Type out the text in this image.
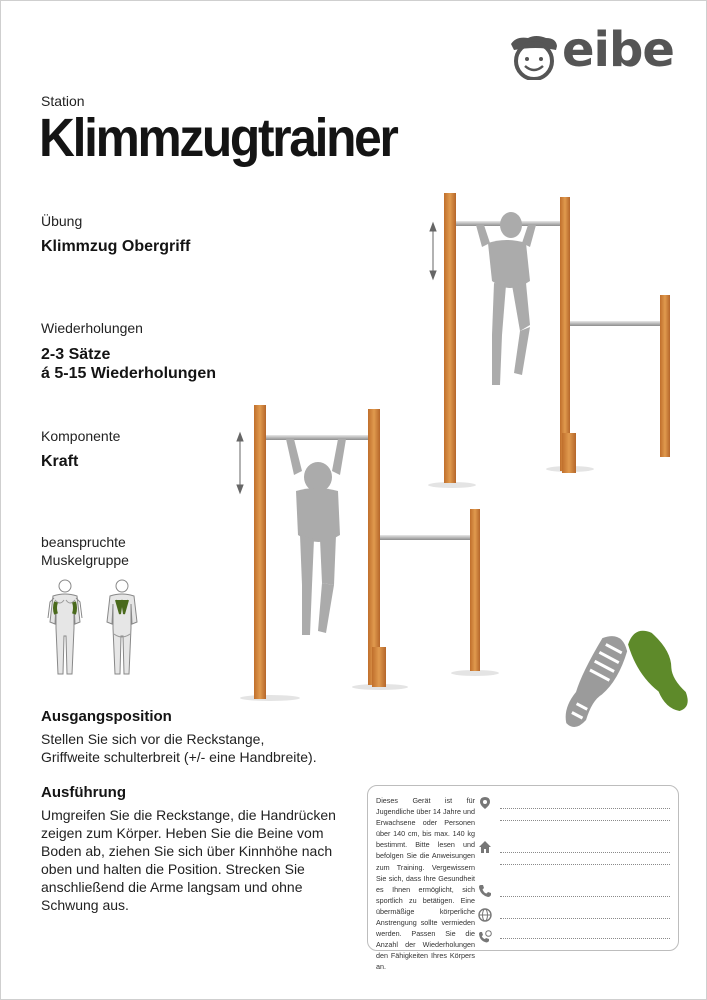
eibe
Station
Klimmzugtrainer
Übung
Klimmzug Obergriff
Wiederholungen
2-3 Sätze
á 5-15 Wiederholungen
Komponente
Kraft
beanspruchte
Muskelgruppe
Ausgangsposition
Stellen Sie sich vor die Reckstange,
Griffweite schulterbreit (+/- eine Handbreite).
Ausführung
Umgreifen Sie die Reckstange, die Handrücken
zeigen zum Körper. Heben Sie die Beine vom
Boden ab, ziehen Sie sich über Kinnhöhe nach
oben und halten die Position. Strecken Sie
anschließend die Arme langsam und ohne
Schwung aus.
Dieses Gerät ist für Jugendliche über 14 Jahre und Erwachsene oder Personen über 140 cm, bis max. 140 kg bestimmt. Bitte lesen und befolgen Sie die Anweisungen zum Training. Vergewissern Sie sich, dass Ihre Gesundheit es Ihnen ermöglicht, sich sportlich zu betätigen. Eine übermäßige körperliche Anstrengung sollte vermieden werden. Passen Sie die Anzahl der Wiederholungen den Fähigkeiten Ihres Körpers an.
